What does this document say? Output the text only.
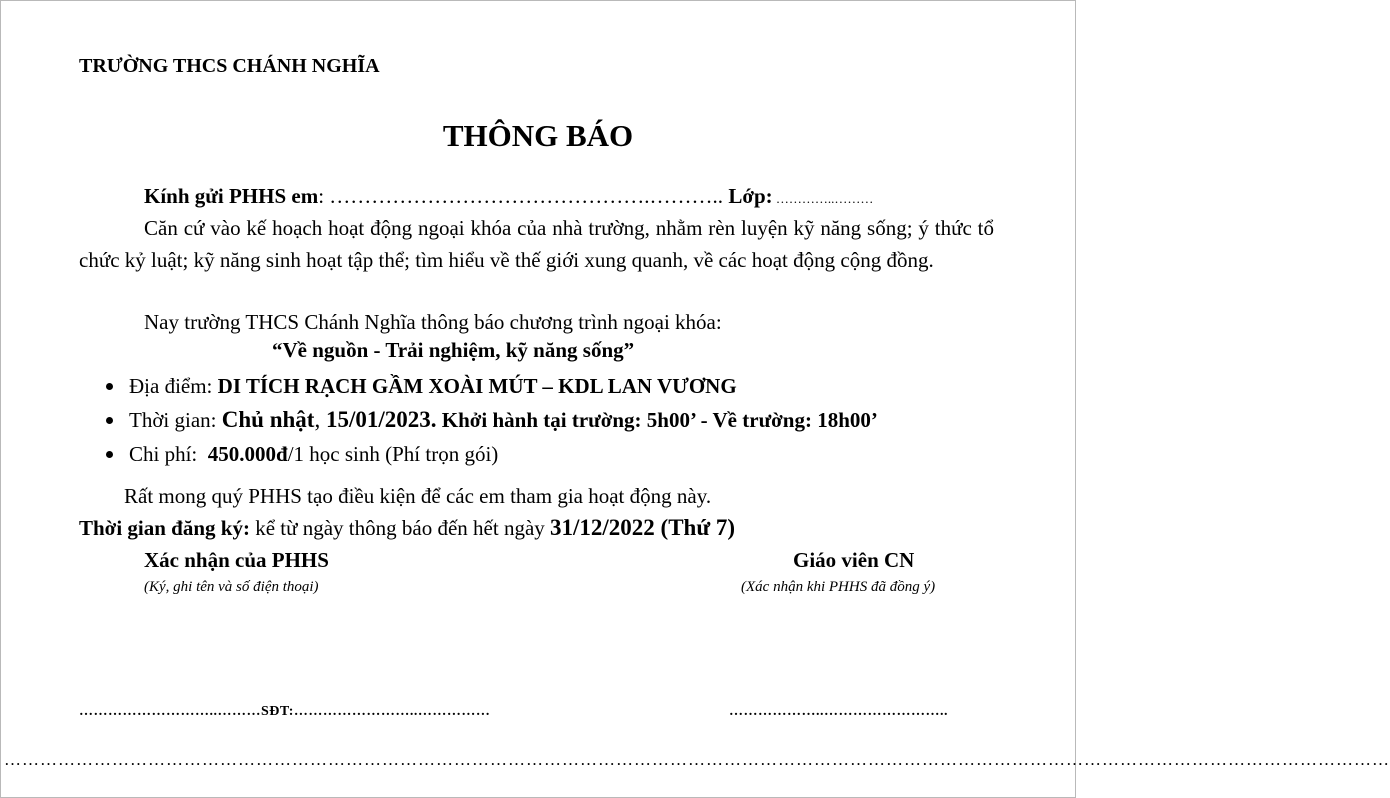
TRƯỜNG THCS CHÁNH NGHĨA
THÔNG BÁO
Kính gửi PHHS em: ……………………………………….……….. Lớp: …………..………
Căn cứ vào kế hoạch hoạt động ngoại khóa của nhà trường, nhằm rèn luyện kỹ năng sống; ý thức tổ chức kỷ luật; kỹ năng sinh hoạt tập thể; tìm hiểu về thế giới xung quanh, về các hoạt động cộng đồng.
Nay trường THCS Chánh Nghĩa thông báo chương trình ngoại khóa:
“Về nguồn - Trải nghiệm, kỹ năng sống”
Địa điểm: DI TÍCH RẠCH GẦM XOÀI MÚT – KDL LAN VƯƠNG
Thời gian: Chủ nhật, 15/01/2023. Khởi hành tại trường: 5h00’ - Về trường: 18h00’
Chi phí:  450.000đ/1 học sinh (Phí trọn gói)
Rất mong quý PHHS tạo điều kiện để các em tham gia hoạt động này.
Thời gian đăng ký: kể từ ngày thông báo đến hết ngày 31/12/2022 (Thứ 7)
Xác nhận của PHHS
(Ký, ghi tên và số điện thoại)
Giáo viên CN
(Xác nhận khi PHHS đã đồng ý)
………………………..………SĐT:……………………..……………	………………..……………………..
……………………………………………………………………………………………………………………………………………………………………………………………………………
